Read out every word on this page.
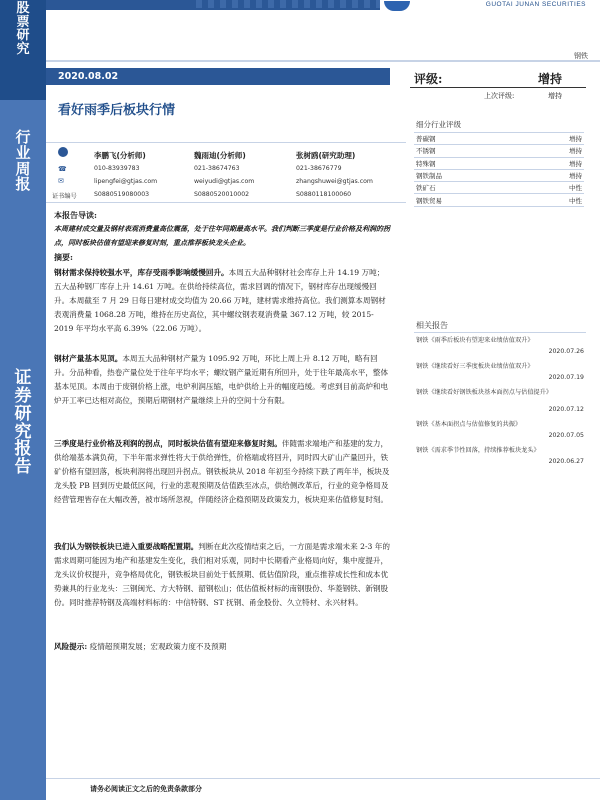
股
票
研
究
行
业
周
报
证
券
研
究
报
告
GUOTAI JUNAN SECURITIES
钢铁
2020.08.02
看好雨季后板块行情
评级:	增持
上次评级:	增持
细分行业评级
普碳钢	增持
不锈钢	增持
特殊钢	增持
钢铁制品	增持
铁矿石	中性
钢铁贸易	中性
☎
✉
李鹏飞(分析师)
010-83939783
lipengfei@gtjas.com
S0880519080003
魏雨迪(分析师)
021-38674763
weiyudi@gtjas.com
S0880520010002
张树鸥(研究助理)
021-38676779
zhangshuwei@gtjas.com
S0880118100060
证书编号
本报告导读:
本周建材成交量及钢材表观消费量高位震荡，处于往年同期最高水平。我们判断三季度是行业价格及利润的拐点，同时板块估值有望迎来修复时刻，重点推荐板块龙头企业。
摘要:
钢材需求保持较强水平，库存受雨季影响缓慢回升。本周五大品种钢材社会库存上升 14.19 万吨；五大品种钢厂库存上升 14.61 万吨。在供给持续高位，需求回调的情况下，钢材库存出现缓慢回升。本周截至 7 月 29 日每日建材成交均值为 20.66 万吨，建材需求维持高位。我们测算本周钢材表观消费量 1068.28 万吨，维持在历史高位，其中螺纹钢表观消费量 367.12 万吨，较 2015-2019 年平均水平高 6.39%（22.06 万吨）。
钢材产量基本见顶。本周五大品种钢材产量为 1095.92 万吨，环比上周上升 8.12 万吨，略有回升。分品种看，热卷产量位处于往年平均水平；螺纹钢产量近期有所回升，处于往年最高水平，整体基本见顶。本周由于废钢价格上涨，电炉利润压缩，电炉供给上升的幅度趋缓。考虑到目前高炉和电炉开工率已达相对高位，预期后期钢材产量继续上升的空间十分有限。
三季度是行业价格及利润的拐点，同时板块估值有望迎来修复时刻。伴随需求端地产和基建的发力，供给端基本满负荷，下半年需求弹性将大于供给弹性，价格端或将回升，同时四大矿山产量回升，铁矿价格有望回落，板块利润将出现回升拐点。钢铁板块从 2018 年初至今持续下跌了两年半，板块及龙头股 PB 回到历史最低区间，行业的悲观预期及估值跌至冰点，供给侧改革后，行业的竞争格局及经营管理皆存在大幅改善，被市场所忽视，伴随经济企稳预期及政策发力，板块迎来估值修复时刻。
我们认为钢铁板块已进入重要战略配置期。判断在此次疫情结束之后，一方面是需求端未来 2-3 年的需求周期可能因为地产和基建发生变化，我们相对乐观，同时中长期看产业格局向好，集中度提升，龙头议价权提升，竞争格局优化，钢铁板块目前处于低预期、低估值阶段，重点推荐成长性和成本优势兼具的行业龙头：三钢闽光、方大特钢、韶钢松山；低估值板材标的南钢股份、华菱钢铁、新钢股份。同时推荐特钢及高端材料标的：中信特钢、ST 抚钢、甬金股份、久立特材、永兴材料。
风险提示: 疫情超预期发展；宏观政策力度不及预期
相关报告
钢铁《雨季后板块有望迎来业绩估值双升》
2020.07.26
钢铁《继续看好三季度板块业绩估值双升》
2020.07.19
钢铁《继续看好钢铁板块基本面拐点与估值提升》
2020.07.12
钢铁《基本面拐点与估值修复的共振》
2020.07.05
钢铁《需求季节性回落，持续推荐板块龙头》
2020.06.27
请务必阅读正文之后的免责条款部分
